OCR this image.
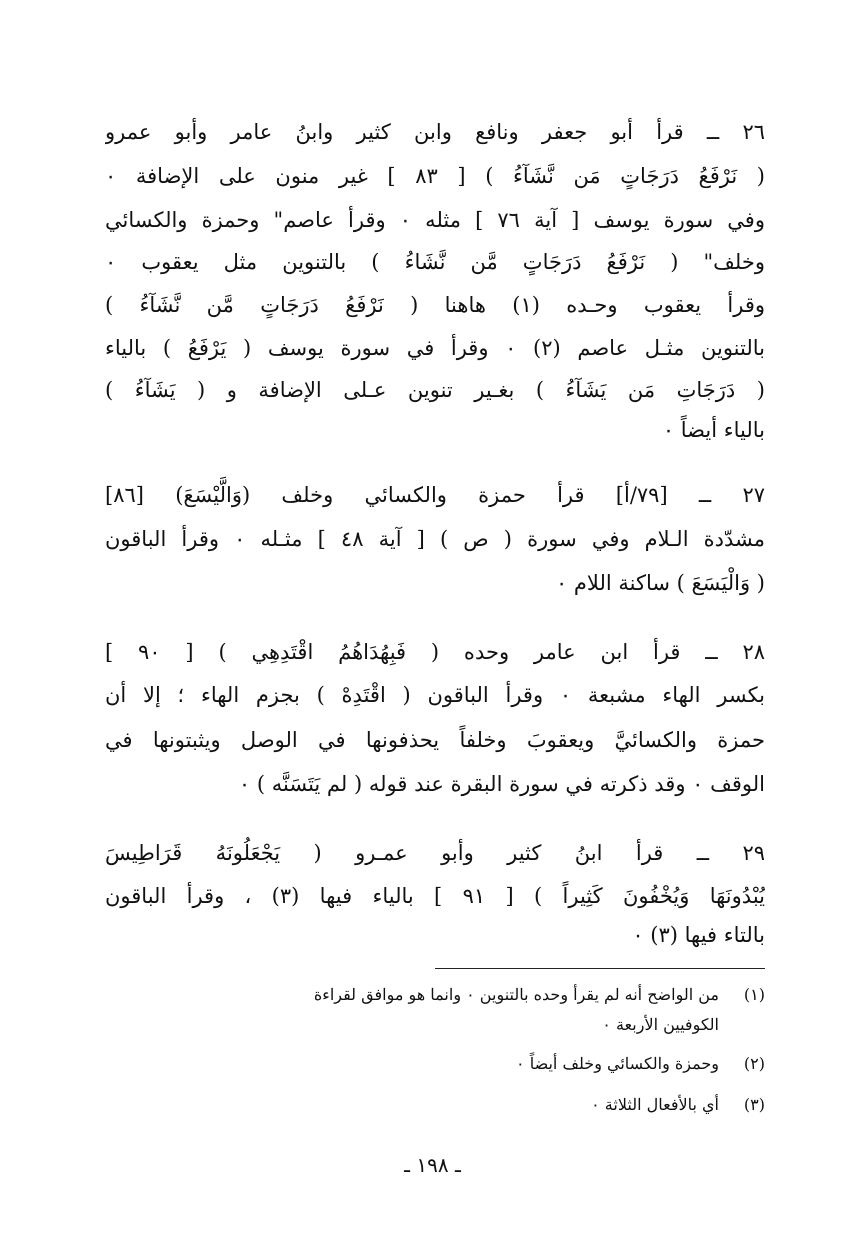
٢٦ ــ قرأ أبو جعفر ونافع وابن كثير وابنُ عامر وأبو عمرو
( نَرْفَعُ دَرَجَاتٍ مَن نَّشَآءُ ) [ ٨٣ ] غير منون على الإضافة ٠
وفي سورة يوسف [ آية ٧٦ ] مثله ٠ وقرأ عاصم" وحمزة والكسائي
وخلف" ( نَرْفَعُ دَرَجَاتٍ مَّن نَّشَاءُ ) بالتنوين مثل يعقوب ٠
وقرأ يعقوب وحـده (١) هاهنا ( نَرْفَعُ دَرَجَاتٍ مَّن نَّشَآءُ )
بالتنوين مثـل عاصم (٢) ٠ وقرأ في سورة يوسف ( يَرْفَعُ ) بالياء
( دَرَجَاتِ مَن يَشَآءُ ) بغـير تنوين عـلى الإضافة و ( يَشَآءُ )
بالياء أيضاً ٠
٢٧ ــ [٧٩/أ] قرأ حمزة والكسائي وخلف (وَالَّيْسَعَ) [٨٦]
مشدّدة الـلام وفي سورة ( ص ) [ آية ٤٨ ] مثـله ٠ وقرأ الباقون
( وَالْيَسَعَ ) ساكنة اللام ٠
٢٨ ــ قرأ ابن عامر وحده ( فَبِهُدَاهُمُ اقْتَدِهِي ) [ ٩٠ ]
بكسر الهاء مشبعة ٠ وقرأ الباقون ( اقْتَدِهْ ) بجزم الهاء ؛ إلا أن
حمزة والكسائيَّ ويعقوبَ وخلفاً يحذفونها في الوصل ويثبتونها في
الوقف ٠ وقد ذكرته في سورة البقرة عند قوله ( لم يَتَسَنَّه ) ٠
٢٩ ــ قرأ ابنُ كثير وأبو عمـرو ( يَجْعَلُونَهُ قَرَاطِيسَ
يُبْدُونَهَا وَيُخْفُونَ كَثِيراً ) [ ٩١ ] بالياء فيها (٣) ، وقرأ الباقون
بالتاء فيها (٣) ٠
(١)من الواضح أنه لم يقرأ وحده بالتنوين ٠ وانما هو موافق لقراءة
الكوفيين الأربعة ٠
(٢)وحمزة والكسائي وخلف أيضاً ٠
(٣)أي بالأفعال الثلاثة ٠
ـ ١٩٨ ـ
